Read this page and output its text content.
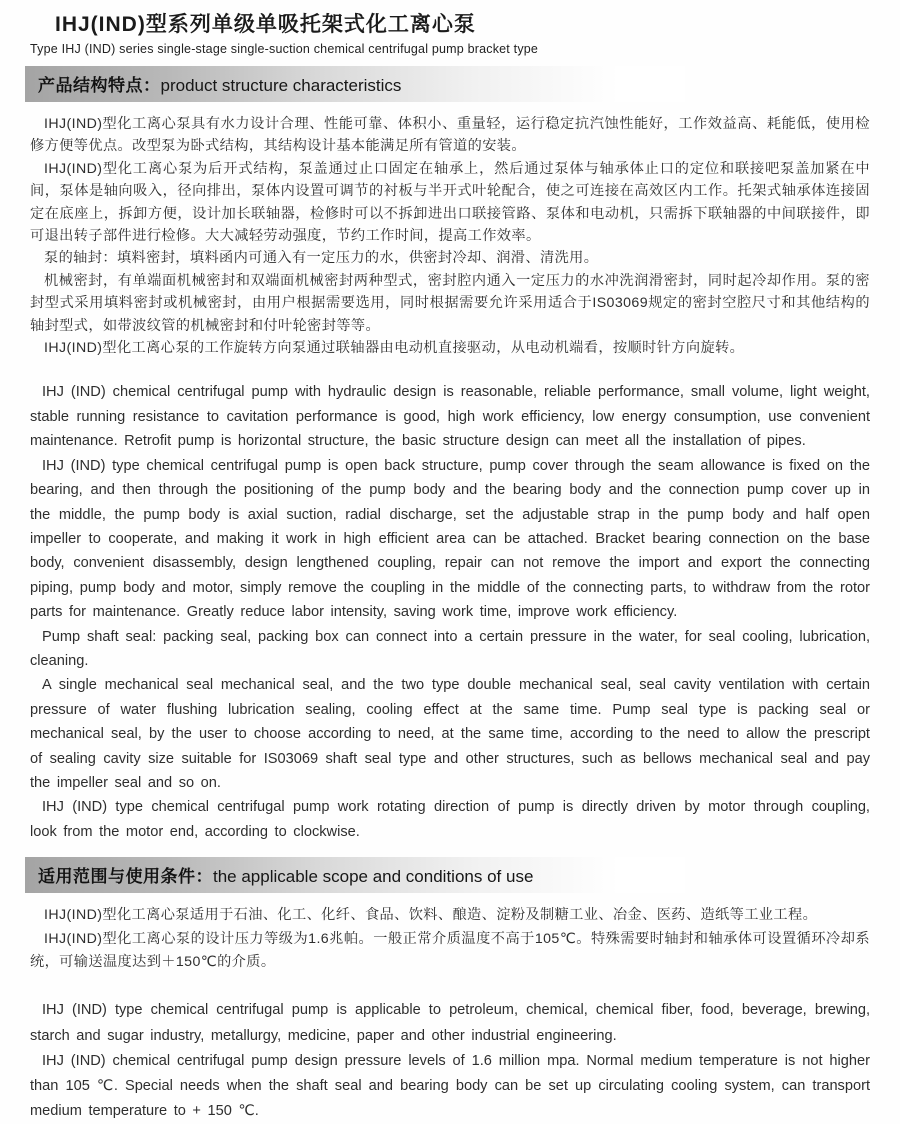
IHJ(IND)型系列单级单吸托架式化工离心泵
Type IHJ (IND) series single-stage single-suction chemical centrifugal pump bracket type
产品结构特点：product structure characteristics

IHJ(IND)型化工离心泵具有水力设计合理、性能可靠、体积小、重量轻，运行稳定抗汽蚀性能好，工作效益高、耗能低，使用检修方便等优点。改型泵为卧式结构，其结构设计基本能满足所有管道的安装。

IHJ(IND)型化工离心泵为后开式结构，泵盖通过止口固定在轴承上，然后通过泵体与轴承体止口的定位和联接吧泵盖加紧在中间，泵体是轴向吸入，径向排出，泵体内设置可调节的衬板与半开式叶轮配合，使之可连接在高效区内工作。托架式轴承体连接固定在底座上，拆卸方便，设计加长联轴器，检修时可以不拆卸进出口联接管路、泵体和电动机，只需拆下联轴器的中间联接件，即可退出转子部件进行检修。大大减轻劳动强度，节约工作时间，提高工作效率。

泵的轴封：填料密封，填料函内可通入有一定压力的水，供密封冷却、润滑、清洗用。

机械密封，有单端面机械密封和双端面机械密封两种型式，密封腔内通入一定压力的水冲洗润滑密封，同时起冷却作用。泵的密封型式采用填料密封或机械密封，由用户根据需要选用，同时根据需要允许采用适合于IS03069规定的密封空腔尺寸和其他结构的轴封型式，如带波纹管的机械密封和付叶轮密封等等。

IHJ(IND)型化工离心泵的工作旋转方向泵通过联轴器由电动机直接驱动，从电动机端看，按顺时针方向旋转。

IHJ (IND) chemical centrifugal pump with hydraulic design is reasonable, reliable performance, small volume, light weight, stable running resistance to cavitation performance is good, high work efficiency, low energy consumption, use convenient maintenance. Retrofit pump is horizontal structure, the basic structure design can meet all the installation of pipes.

IHJ (IND) type chemical centrifugal pump is open back structure, pump cover through the seam allowance is fixed on the bearing, and then through the positioning of the pump body and the bearing body and the connection pump cover up in the middle, the pump body is axial suction, radial discharge, set the adjustable strap in the pump body and half open impeller to cooperate, and making it work in high efficient area can be attached. Bracket bearing connection on the base body, convenient disassembly, design lengthened coupling, repair can not remove the import and export the connecting piping, pump body and motor, simply remove the coupling in the middle of the connecting parts, to withdraw from the rotor parts for maintenance. Greatly reduce labor intensity, saving work time, improve work efficiency.

Pump shaft seal: packing seal, packing box can connect into a certain pressure in the water, for seal cooling, lubrication, cleaning.

A single mechanical seal mechanical seal, and the two type double mechanical seal, seal cavity ventilation with certain pressure of water flushing lubrication sealing, cooling effect at the same time. Pump seal type is packing seal or mechanical seal, by the user to choose according to need, at the same time, according to the need to allow the prescript of sealing cavity size suitable for IS03069 shaft seal type and other structures, such as bellows mechanical seal and pay the impeller seal and so on.

IHJ (IND) type chemical centrifugal pump work rotating direction of pump is directly driven by motor through coupling, look from the motor end, according to clockwise.

适用范围与使用条件：the applicable scope and conditions of use

IHJ(IND)型化工离心泵适用于石油、化工、化纤、食品、饮料、酿造、淀粉及制糖工业、冶金、医药、造纸等工业工程。

IHJ(IND)型化工离心泵的设计压力等级为1.6兆帕。一般正常介质温度不高于105℃。特殊需要时轴封和轴承体可设置循环冷却系统，可输送温度达到＋150℃的介质。

IHJ (IND) type chemical centrifugal pump is applicable to petroleum, chemical, chemical fiber, food, beverage, brewing, starch and sugar industry, metallurgy, medicine, paper and other industrial engineering.

IHJ (IND) chemical centrifugal pump design pressure levels of 1.6 million mpa. Normal medium temperature is not higher than 105 ℃. Special needs when the shaft seal and bearing body can be set up circulating cooling system, can transport medium temperature to + 150 ℃.
